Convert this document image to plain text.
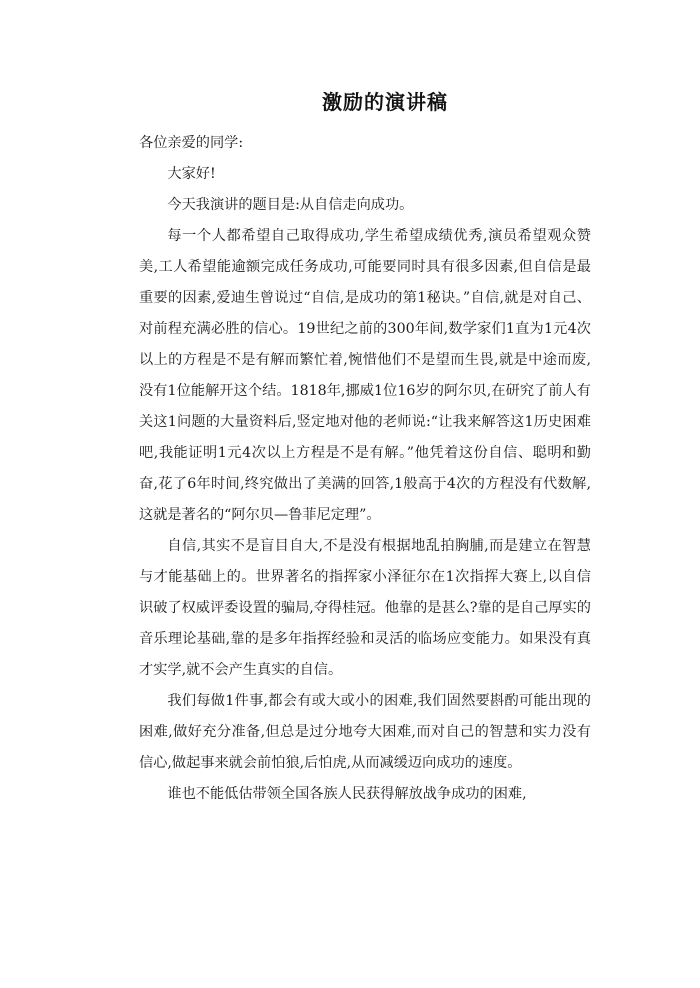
激励的演讲稿

各位亲爱的同学:

大家好!

今天我演讲的题目是:从自信走向成功。

每一个人都希望自己取得成功,学生希望成绩优秀,演员希望观众赞美,工人希望能逾额完成任务成功,可能要同时具有很多因素,但自信是最重要的因素,爱迪生曾说过“自信,是成功的第1秘诀。”自信,就是对自己、对前程充满必胜的信心。19世纪之前的300年间,数学家们1直为1元4次以上的方程是不是有解而繁忙着,惋惜他们不是望而生畏,就是中途而废,没有1位能解开这个结。1818年,挪威1位16岁的阿尔贝,在研究了前人有关这1问题的大量资料后,竖定地对他的老师说:“让我来解答这1历史困难吧,我能证明1元4次以上方程是不是有解。”他凭着这份自信、聪明和勤奋,花了6年时间,终究做出了美满的回答,1般高于4次的方程没有代数解,这就是著名的“阿尔贝—鲁菲尼定理”。

自信,其实不是盲目自大,不是没有根据地乱拍胸脯,而是建立在智慧与才能基础上的。世界著名的指挥家小泽征尔在1次指挥大赛上,以自信识破了权威评委设置的骗局,夺得桂冠。他靠的是甚么?靠的是自己厚实的音乐理论基础,靠的是多年指挥经验和灵活的临场应变能力。如果没有真才实学,就不会产生真实的自信。

我们每做1件事,都会有或大或小的困难,我们固然要斟酌可能出现的困难,做好充分准备,但总是过分地夸大困难,而对自己的智慧和实力没有信心,做起事来就会前怕狼,后怕虎,从而减缓迈向成功的速度。

谁也不能低估带领全国各族人民获得解放战争成功的困难,
